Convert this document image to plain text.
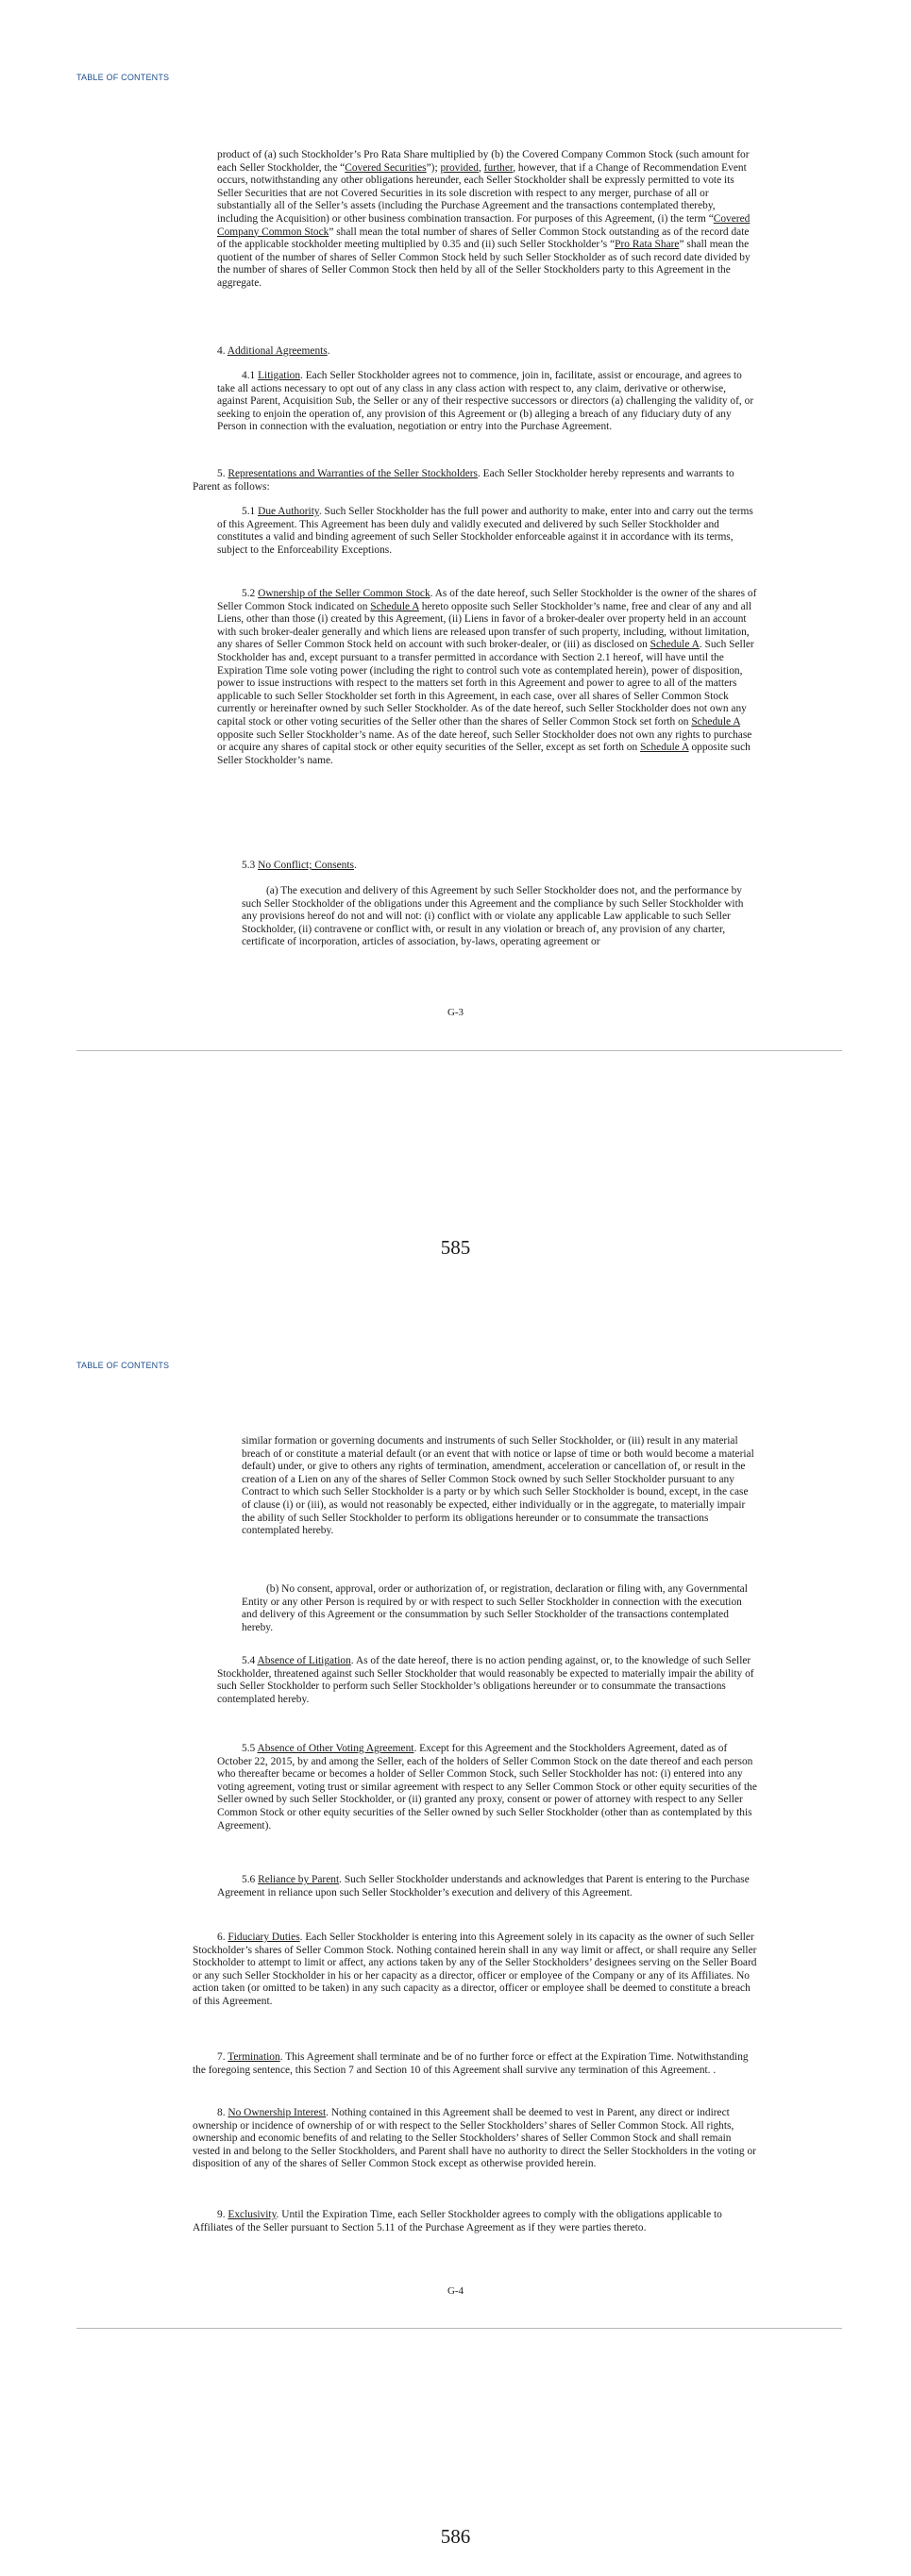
TABLE OF CONTENTS
product of (a) such Stockholder’s Pro Rata Share multiplied by (b) the Covered Company Common Stock (such amount for each Seller Stockholder, the “Covered Securities”); provided, further, however, that if a Change of Recommendation Event occurs, notwithstanding any other obligations hereunder, each Seller Stockholder shall be expressly permitted to vote its Seller Securities that are not Covered Securities in its sole discretion with respect to any merger, purchase of all or substantially all of the Seller’s assets (including the Purchase Agreement and the transactions contemplated thereby, including the Acquisition) or other business combination transaction. For purposes of this Agreement, (i) the term “Covered Company Common Stock” shall mean the total number of shares of Seller Common Stock outstanding as of the record date of the applicable stockholder meeting multiplied by 0.35 and (ii) such Seller Stockholder’s “Pro Rata Share” shall mean the quotient of the number of shares of Seller Common Stock held by such Seller Stockholder as of such record date divided by the number of shares of Seller Common Stock then held by all of the Seller Stockholders party to this Agreement in the aggregate.
4. Additional Agreements.
4.1 Litigation. Each Seller Stockholder agrees not to commence, join in, facilitate, assist or encourage, and agrees to take all actions necessary to opt out of any class in any class action with respect to, any claim, derivative or otherwise, against Parent, Acquisition Sub, the Seller or any of their respective successors or directors (a) challenging the validity of, or seeking to enjoin the operation of, any provision of this Agreement or (b) alleging a breach of any fiduciary duty of any Person in connection with the evaluation, negotiation or entry into the Purchase Agreement.
5. Representations and Warranties of the Seller Stockholders. Each Seller Stockholder hereby represents and warrants to Parent as follows:
5.1 Due Authority. Such Seller Stockholder has the full power and authority to make, enter into and carry out the terms of this Agreement. This Agreement has been duly and validly executed and delivered by such Seller Stockholder and constitutes a valid and binding agreement of such Seller Stockholder enforceable against it in accordance with its terms, subject to the Enforceability Exceptions.
5.2 Ownership of the Seller Common Stock. As of the date hereof, such Seller Stockholder is the owner of the shares of Seller Common Stock indicated on Schedule A hereto opposite such Seller Stockholder’s name, free and clear of any and all Liens, other than those (i) created by this Agreement, (ii) Liens in favor of a broker-dealer over property held in an account with such broker-dealer generally and which liens are released upon transfer of such property, including, without limitation, any shares of Seller Common Stock held on account with such broker-dealer, or (iii) as disclosed on Schedule A. Such Seller Stockholder has and, except pursuant to a transfer permitted in accordance with Section 2.1 hereof, will have until the Expiration Time sole voting power (including the right to control such vote as contemplated herein), power of disposition, power to issue instructions with respect to the matters set forth in this Agreement and power to agree to all of the matters applicable to such Seller Stockholder set forth in this Agreement, in each case, over all shares of Seller Common Stock currently or hereinafter owned by such Seller Stockholder. As of the date hereof, such Seller Stockholder does not own any capital stock or other voting securities of the Seller other than the shares of Seller Common Stock set forth on Schedule A opposite such Seller Stockholder’s name. As of the date hereof, such Seller Stockholder does not own any rights to purchase or acquire any shares of capital stock or other equity securities of the Seller, except as set forth on Schedule A opposite such Seller Stockholder’s name.
5.3 No Conflict; Consents.
(a) The execution and delivery of this Agreement by such Seller Stockholder does not, and the performance by such Seller Stockholder of the obligations under this Agreement and the compliance by such Seller Stockholder with any provisions hereof do not and will not: (i) conflict with or violate any applicable Law applicable to such Seller Stockholder, (ii) contravene or conflict with, or result in any violation or breach of, any provision of any charter, certificate of incorporation, articles of association, by-laws, operating agreement or
G-3
585
TABLE OF CONTENTS
similar formation or governing documents and instruments of such Seller Stockholder, or (iii) result in any material breach of or constitute a material default (or an event that with notice or lapse of time or both would become a material default) under, or give to others any rights of termination, amendment, acceleration or cancellation of, or result in the creation of a Lien on any of the shares of Seller Common Stock owned by such Seller Stockholder pursuant to any Contract to which such Seller Stockholder is a party or by which such Seller Stockholder is bound, except, in the case of clause (i) or (iii), as would not reasonably be expected, either individually or in the aggregate, to materially impair the ability of such Seller Stockholder to perform its obligations hereunder or to consummate the transactions contemplated hereby.
(b) No consent, approval, order or authorization of, or registration, declaration or filing with, any Governmental Entity or any other Person is required by or with respect to such Seller Stockholder in connection with the execution and delivery of this Agreement or the consummation by such Seller Stockholder of the transactions contemplated hereby.
5.4 Absence of Litigation. As of the date hereof, there is no action pending against, or, to the knowledge of such Seller Stockholder, threatened against such Seller Stockholder that would reasonably be expected to materially impair the ability of such Seller Stockholder to perform such Seller Stockholder’s obligations hereunder or to consummate the transactions contemplated hereby.
5.5 Absence of Other Voting Agreement. Except for this Agreement and the Stockholders Agreement, dated as of October 22, 2015, by and among the Seller, each of the holders of Seller Common Stock on the date thereof and each person who thereafter became or becomes a holder of Seller Common Stock, such Seller Stockholder has not: (i) entered into any voting agreement, voting trust or similar agreement with respect to any Seller Common Stock or other equity securities of the Seller owned by such Seller Stockholder, or (ii) granted any proxy, consent or power of attorney with respect to any Seller Common Stock or other equity securities of the Seller owned by such Seller Stockholder (other than as contemplated by this Agreement).
5.6 Reliance by Parent. Such Seller Stockholder understands and acknowledges that Parent is entering to the Purchase Agreement in reliance upon such Seller Stockholder’s execution and delivery of this Agreement.
6. Fiduciary Duties. Each Seller Stockholder is entering into this Agreement solely in its capacity as the owner of such Seller Stockholder’s shares of Seller Common Stock. Nothing contained herein shall in any way limit or affect, or shall require any Seller Stockholder to attempt to limit or affect, any actions taken by any of the Seller Stockholders’ designees serving on the Seller Board or any such Seller Stockholder in his or her capacity as a director, officer or employee of the Company or any of its Affiliates. No action taken (or omitted to be taken) in any such capacity as a director, officer or employee shall be deemed to constitute a breach of this Agreement.
7. Termination. This Agreement shall terminate and be of no further force or effect at the Expiration Time. Notwithstanding the foregoing sentence, this Section 7 and Section 10 of this Agreement shall survive any termination of this Agreement. .
8. No Ownership Interest. Nothing contained in this Agreement shall be deemed to vest in Parent, any direct or indirect ownership or incidence of ownership of or with respect to the Seller Stockholders’ shares of Seller Common Stock. All rights, ownership and economic benefits of and relating to the Seller Stockholders’ shares of Seller Common Stock and shall remain vested in and belong to the Seller Stockholders, and Parent shall have no authority to direct the Seller Stockholders in the voting or disposition of any of the shares of Seller Common Stock except as otherwise provided herein.
9. Exclusivity. Until the Expiration Time, each Seller Stockholder agrees to comply with the obligations applicable to Affiliates of the Seller pursuant to Section 5.11 of the Purchase Agreement as if they were parties thereto.
G-4
586
